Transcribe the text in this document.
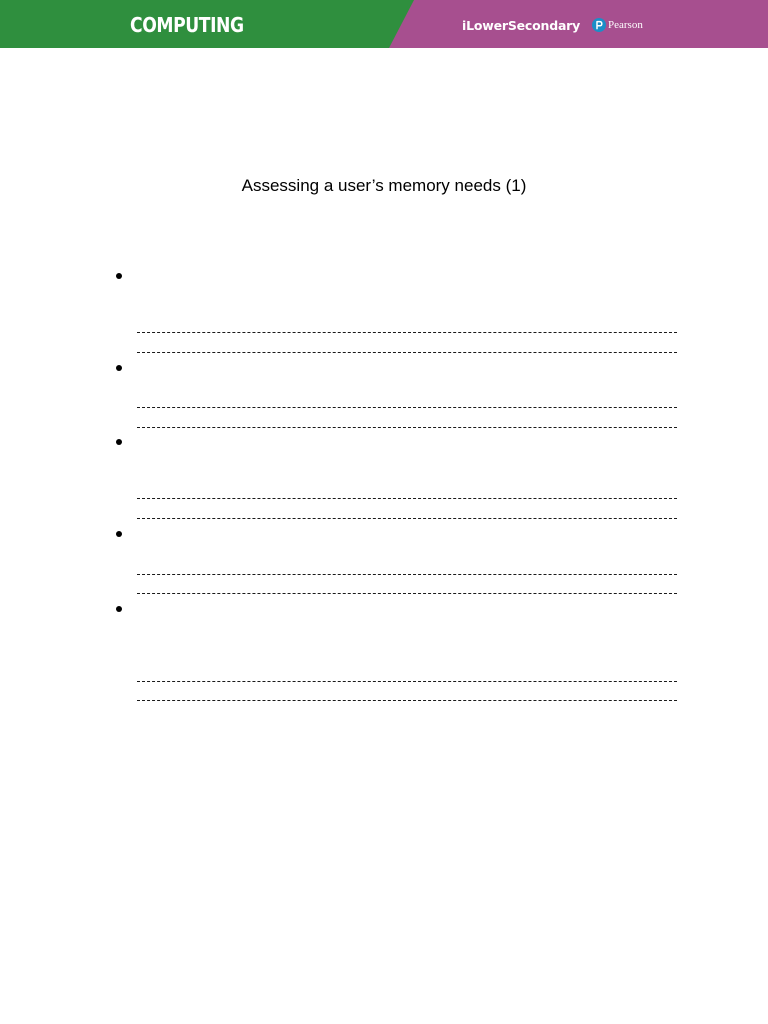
COMPUTING	iLowerSecondary	Pearson
Assessing a user’s memory needs (1)
